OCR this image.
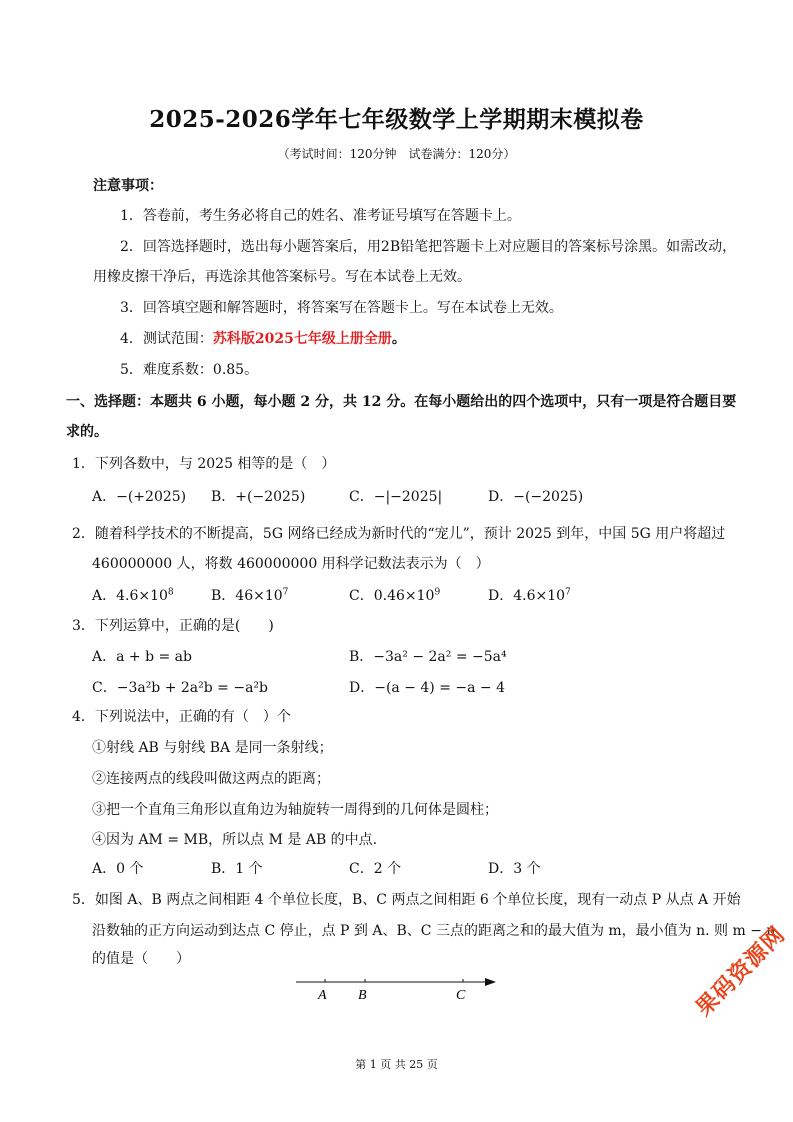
2025-2026学年七年级数学上学期期末模拟卷
（考试时间：120分钟　试卷满分：120分）
注意事项：
1．答卷前，考生务必将自己的姓名、准考证号填写在答题卡上。
2．回答选择题时，选出每小题答案后，用2B铅笔把答题卡上对应题目的答案标号涂黑。如需改动，
用橡皮擦干净后，再选涂其他答案标号。写在本试卷上无效。
3．回答填空题和解答题时，将答案写在答题卡上。写在本试卷上无效。
4．测试范围：苏科版2025七年级上册全册。
5．难度系数：0.85。
一、选择题：本题共 6 小题，每小题 2 分，共 12 分。在每小题给出的四个选项中，只有一项是符合题目要
求的。
1．下列各数中，与 2025 相等的是（　）
A．−(+2025) B．+(−2025)	C．−|−2025|	D．−(−2025)
2．随着科学技术的不断提高，5G 网络已经成为新时代的“宠儿”，预计 2025 到年，中国 5G 用户将超过
460000000 人，将数 460000000 用科学记数法表示为（　）
A．$4.6\times 10^8$	B．$46\times 10^7$	C．$0.46\times 10^9$	D．$4.6\times 10^7$
3．下列运算中，正确的是(　　)
A．a + b = ab	B．−3a² − 2a² = −5a⁴
C．−3a²b + 2a²b = −a²b	D．−(a − 4) = −a − 4
4．下列说法中，正确的有（　）个
①射线 AB 与射线 BA 是同一条射线；
②连接两点的线段叫做这两点的距离；
③把一个直角三角形以直角边为轴旋转一周得到的几何体是圆柱；
④因为 AM = MB，所以点 M 是 AB 的中点.
A．0 个	B．1 个	C．2 个	D．3 个
5．如图 A、B 两点之间相距 4 个单位长度，B、C 两点之间相距 6 个单位长度，现有一动点 P 从点 A 开始
沿数轴的正方向运动到达点 C 停止，点 P 到 A、B、C 三点的距离之和的最大值为 m，最小值为 n. 则 m − n
的值是（　　）
A B	C
第 1 页 共 25 页
果码资源网
